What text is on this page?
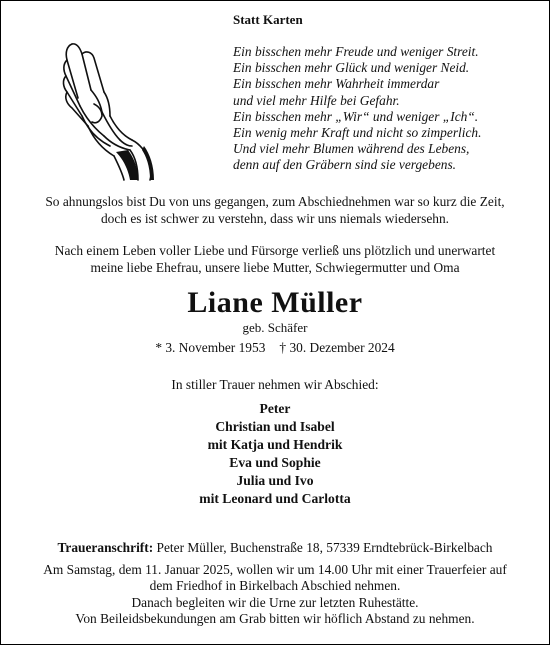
Statt Karten
Ein bisschen mehr Freude und weniger Streit.
Ein bisschen mehr Glück und weniger Neid.
Ein bisschen mehr Wahrheit immerdar
und viel mehr Hilfe bei Gefahr.
Ein bisschen mehr „Wir“ und weniger „Ich“.
Ein wenig mehr Kraft und nicht so zimperlich.
Und viel mehr Blumen während des Lebens,
denn auf den Gräbern sind sie vergebens.
So ahnungslos bist Du von uns gegangen, zum Abschiednehmen war so kurz die Zeit,
doch es ist schwer zu verstehn, dass wir uns niemals wiedersehn.
Nach einem Leben voller Liebe und Fürsorge verließ uns plötzlich und unerwartet
meine liebe Ehefrau, unsere liebe Mutter, Schwiegermutter und Oma
Liane Müller
geb. Schäfer
* 3. November 1953 † 30. Dezember 2024
In stiller Trauer nehmen wir Abschied:
Peter
Christian und Isabel
mit Katja und Hendrik
Eva und Sophie
Julia und Ivo
mit Leonard und Carlotta
Traueranschrift: Peter Müller, Buchenstraße 18, 57339 Erndtebrück-Birkelbach
Am Samstag, dem 11. Januar 2025, wollen wir um 14.00 Uhr mit einer Trauerfeier auf
dem Friedhof in Birkelbach Abschied nehmen.
Danach begleiten wir die Urne zur letzten Ruhestätte.
Von Beileidsbekundungen am Grab bitten wir höflich Abstand zu nehmen.
